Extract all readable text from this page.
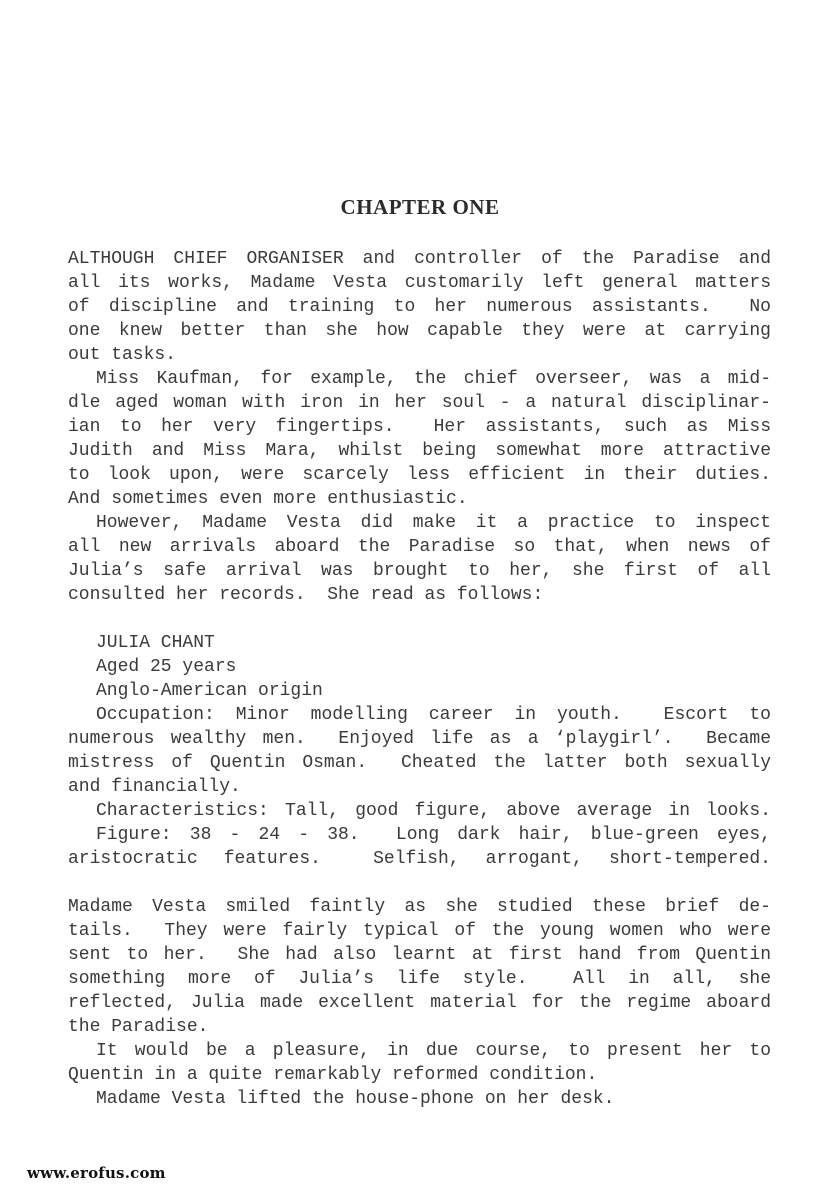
CHAPTER ONE
ALTHOUGH CHIEF ORGANISER and controller of the Paradise and
all its works, Madame Vesta customarily left general matters
of discipline and training to her numerous assistants.  No
one knew better than she how capable they were at carrying
out tasks.
Miss Kaufman, for example, the chief overseer, was a mid-
dle aged woman with iron in her soul - a natural disciplinar-
ian to her very fingertips.  Her assistants, such as Miss
Judith and Miss Mara, whilst being somewhat more attractive
to look upon, were scarcely less efficient in their duties.
And sometimes even more enthusiastic.
However, Madame Vesta did make it a practice to inspect
all new arrivals aboard the Paradise so that, when news of
Julia’s safe arrival was brought to her, she first of all
consulted her records.  She read as follows:
JULIA CHANT
Aged 25 years
Anglo-American origin
Occupation: Minor modelling career in youth.  Escort to
numerous wealthy men.  Enjoyed life as a ‘playgirl’.  Became
mistress of Quentin Osman.  Cheated the latter both sexually
and financially.
Characteristics: Tall, good figure, above average in looks.
Figure: 38 - 24 - 38.  Long dark hair, blue-green eyes,
aristocratic features.  Selfish, arrogant, short-tempered.
Madame Vesta smiled faintly as she studied these brief de-
tails.  They were fairly typical of the young women who were
sent to her.  She had also learnt at first hand from Quentin
something more of Julia’s life style.  All in all, she
reflected, Julia made excellent material for the regime aboard
the Paradise.
It would be a pleasure, in due course, to present her to
Quentin in a quite remarkably reformed condition.
Madame Vesta lifted the house-phone on her desk.
www.erofus.com
